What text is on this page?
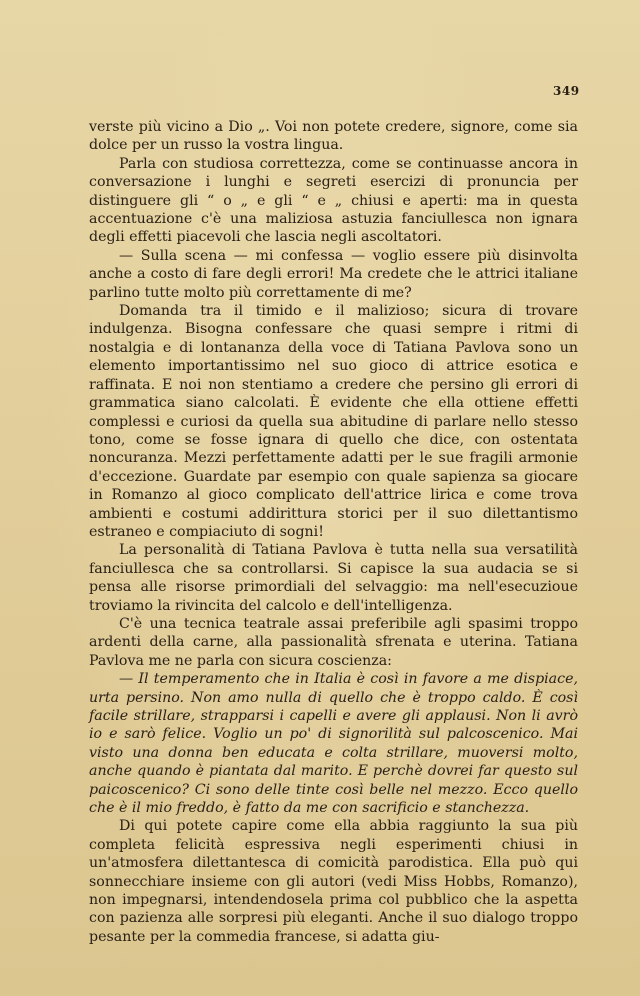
349

verste più vicino a Dio „. Voi non potete credere, signore, come sia dolce per un russo la vostra lingua.

Parla con studiosa correttezza, come se continuasse ancora in conversazione i lunghi e segreti esercizi di pronuncia per distinguere gli “ o „ e gli “ e „ chiusi e aperti: ma in questa accentuazione c'è una maliziosa astuzia fanciullesca non ignara degli effetti piacevoli che lascia negli ascoltatori.

— Sulla scena — mi confessa — voglio essere più disinvolta anche a costo di fare degli errori! Ma credete che le attrici italiane parlino tutte molto più correttamente di me?

Domanda tra il timido e il malizioso; sicura di trovare indulgenza. Bisogna confessare che quasi sempre i ritmi di nostalgia e di lontananza della voce di Tatiana Pavlova sono un elemento importantissimo nel suo gioco di attrice esotica e raffinata. E noi non stentiamo a credere che persino gli errori di grammatica siano calcolati. È evidente che ella ottiene effetti complessi e curiosi da quella sua abitudine di parlare nello stesso tono, come se fosse ignara di quello che dice, con ostentata noncuranza. Mezzi perfettamente adatti per le sue fragili armonie d'eccezione. Guardate par esempio con quale sapienza sa giocare in Romanzo al gioco complicato dell'attrice lirica e come trova ambienti e costumi addirittura storici per il suo dilettantismo estraneo e compiaciuto di sogni!

La personalità di Tatiana Pavlova è tutta nella sua versatilità fanciullesca che sa controllarsi. Si capisce la sua audacia se si pensa alle risorse primordiali del selvaggio: ma nell'esecuzioue troviamo la rivincita del calcolo e dell'intelligenza.

C'è una tecnica teatrale assai preferibile agli spasimi troppo ardenti della carne, alla passionalità sfrenata e uterina. Tatiana Pavlova me ne parla con sicura coscienza:

— Il temperamento che in Italia è così in favore a me dispiace, urta persino. Non amo nulla di quello che è troppo caldo. È così facile strillare, strapparsi i capelli e avere gli applausi. Non li avrò io e sarò felice. Voglio un po' di signorilità sul palcoscenico. Mai visto una donna ben educata e colta strillare, muoversi molto, anche quando è piantata dal marito. E perchè dovrei far questo sul paicoscenico? Ci sono delle tinte così belle nel mezzo. Ecco quello che è il mio freddo, è fatto da me con sacrificio e stanchezza.

Di qui potete capire come ella abbia raggiunto la sua più completa felicità espressiva negli esperimenti chiusi in un'atmosfera dilettantesca di comicità parodistica. Ella può qui sonnecchiare insieme con gli autori (vedi Miss Hobbs, Romanzo), non impegnarsi, intendendosela prima col pubblico che la aspetta con pazienza alle sorpresi più eleganti. Anche il suo dialogo troppo pesante per la commedia francese, si adatta giu-
